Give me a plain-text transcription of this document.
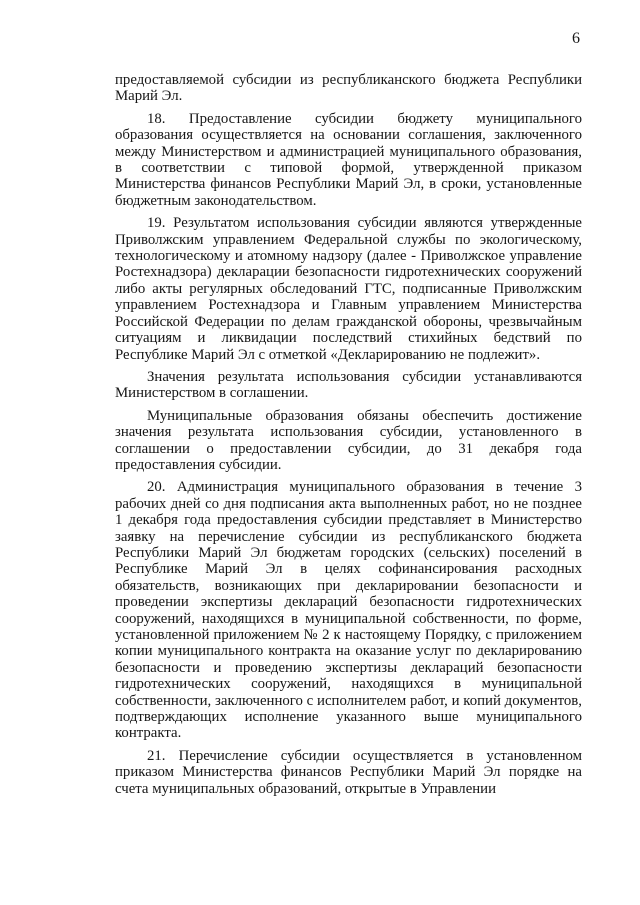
6

предоставляемой субсидии из республиканского бюджета Республики Марий Эл.

18. Предоставление субсидии бюджету муниципального образования осуществляется на основании соглашения, заключенного между Министерством и администрацией муниципального образования, в соответствии с типовой формой, утвержденной приказом Министерства финансов Республики Марий Эл, в сроки, установленные бюджетным законодательством.

19. Результатом использования субсидии являются утвержденные Приволжским управлением Федеральной службы по экологическому, технологическому и атомному надзору (далее - Приволжское управление Ростехнадзора) декларации безопасности гидротехнических сооружений либо акты регулярных обследований ГТС, подписанные Приволжским управлением Ростехнадзора и Главным управлением Министерства Российской Федерации по делам гражданской обороны, чрезвычайным ситуациям и ликвидации последствий стихийных бедствий по Республике Марий Эл с отметкой «Декларированию не подлежит».

Значения результата использования субсидии устанавливаются Министерством в соглашении.

Муниципальные образования обязаны обеспечить достижение значения результата использования субсидии, установленного в соглашении о предоставлении субсидии, до 31 декабря года предоставления субсидии.

20. Администрация муниципального образования в течение 3 рабочих дней со дня подписания акта выполненных работ, но не позднее 1 декабря года предоставления субсидии представляет в Министерство заявку на перечисление субсидии из республиканского бюджета Республики Марий Эл бюджетам городских (сельских) поселений в Республике Марий Эл в целях софинансирования расходных обязательств, возникающих при декларировании безопасности и проведении экспертизы деклараций безопасности гидротехнических сооружений, находящихся в муниципальной собственности, по форме, установленной приложением № 2 к настоящему Порядку, с приложением копии муниципального контракта на оказание услуг по декларированию безопасности и проведению экспертизы деклараций безопасности гидротехнических сооружений, находящихся в муниципальной собственности, заключенного с исполнителем работ, и копий документов, подтверждающих исполнение указанного выше муниципального контракта.

21. Перечисление субсидии осуществляется в установленном приказом Министерства финансов Республики Марий Эл порядке на счета муниципальных образований, открытые в Управлении
